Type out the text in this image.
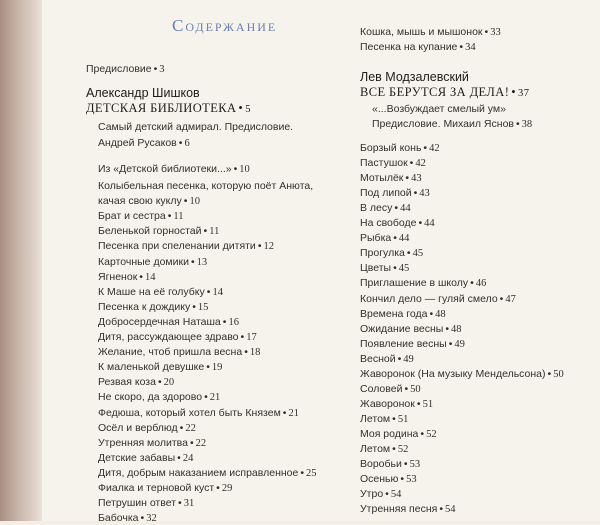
Содержание
Предисловие • 3
Александр Шишков
ДЕТСКАЯ БИБЛИОТЕКА • 5
Самый детский адмирал. Предисловие.
Андрей Русаков • 6
Из «Детской библиотеки...» • 10
Колыбельная песенка, которую поёт Анюта,
качая свою куклу • 10
Брат и сестра • 11
Беленькой горностай • 11
Песенка при спеленании дитяти • 12
Карточные домики • 13
Ягненок • 14
К Маше на её голубку • 14
Песенка к дождику • 15
Добросердечная Наташа • 16
Дитя, рассуждающее здраво • 17
Желание, чтоб пришла весна • 18
К маленькой девушке • 19
Резвая коза • 20
Не скоро, да здорово • 21
Федюша, который хотел быть Князем • 21
Осёл и верблюд • 22
Утренняя молитва • 22
Детские забавы • 24
Дитя, добрым наказанием исправленное • 25
Фиалка и терновой куст • 29
Петрушин ответ • 31
Бабочка • 32
Кошка, мышь и мышонок • 33
Песенка на купание • 34
Лев Модзалевский
ВСЕ БЕРУТСЯ ЗА ДЕЛА! • 37
«...Возбуждает смелый ум»
Предисловие. Михаил Яснов • 38
Борзый конь • 42
Пастушок • 42
Мотылёк • 43
Под липой • 43
В лесу • 44
На свободе • 44
Рыбка • 44
Прогулка • 45
Цветы • 45
Приглашение в школу • 46
Кончил дело — гуляй смело • 47
Времена года • 48
Ожидание весны • 48
Появление весны • 49
Весной • 49
Жаворонок (На музыку Мендельсона) • 50
Соловей • 50
Жаворонок • 51
Летом • 51
Моя родина • 52
Летом • 52
Воробьи • 53
Осенью • 53
Утро • 54
Утренняя песня • 54
